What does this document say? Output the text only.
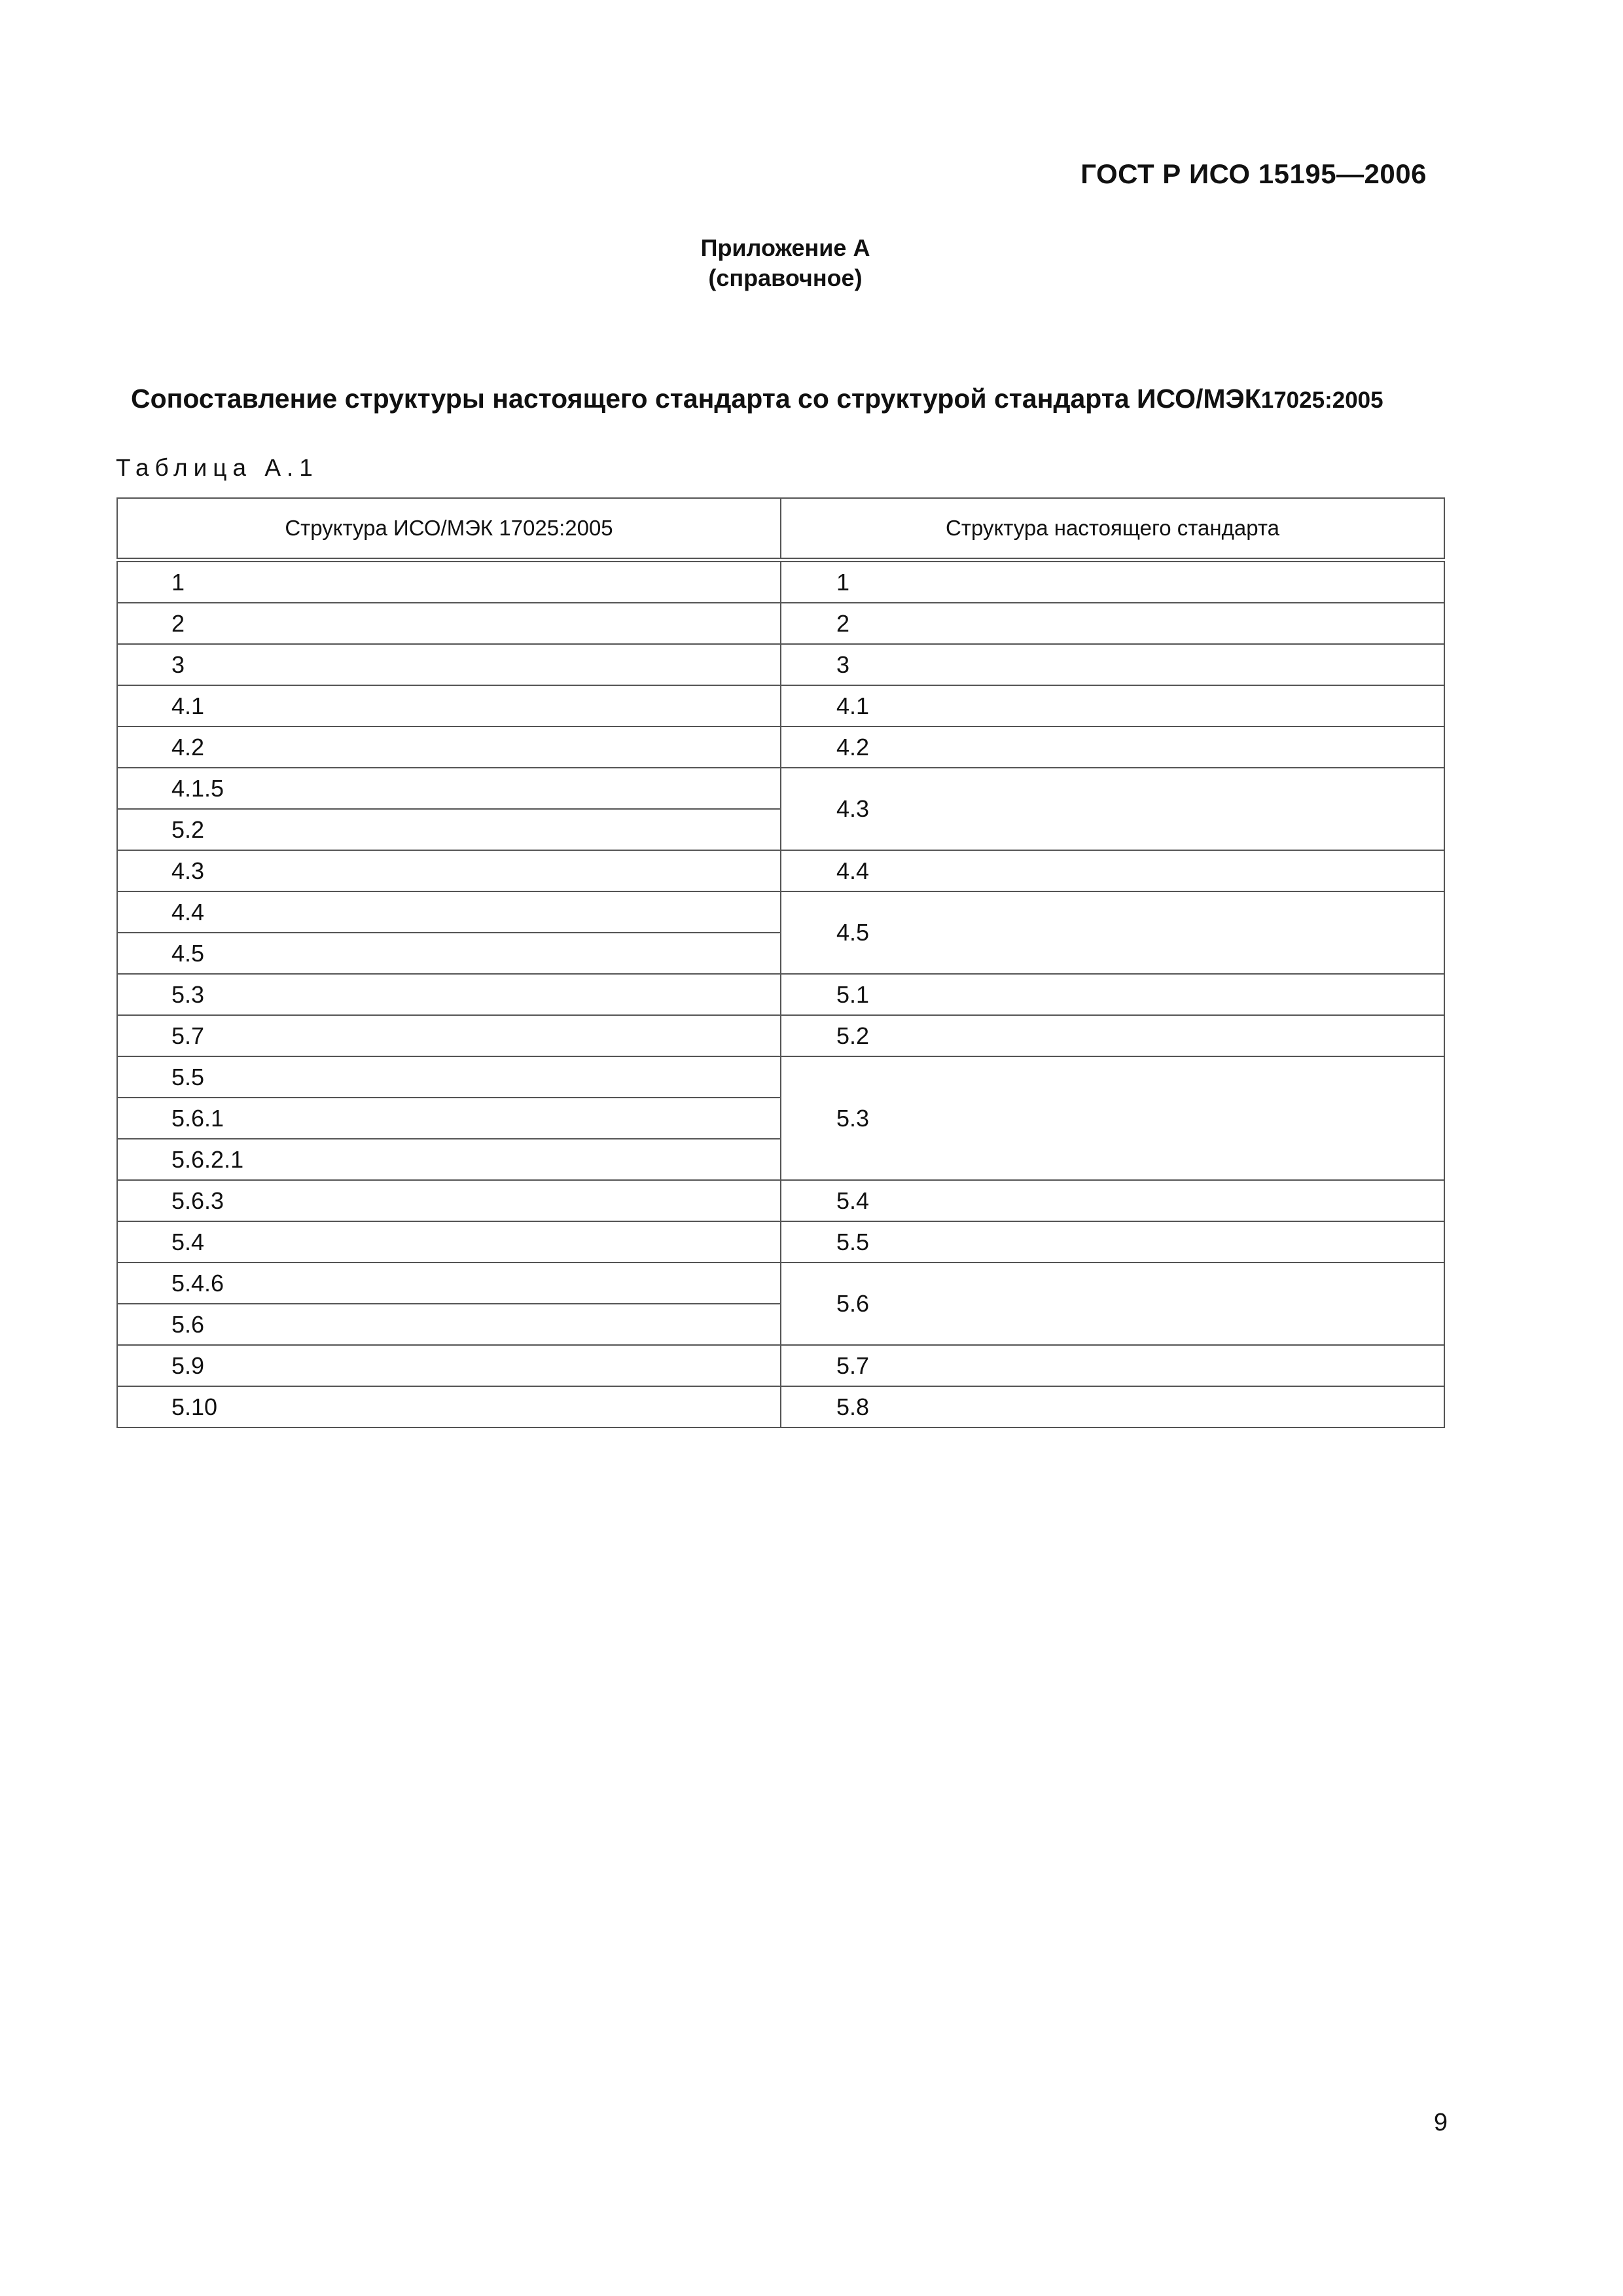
ГОСТ Р ИСО 15195—2006
Приложение А
(справочное)
Сопоставление структуры настоящего стандарта со структурой стандарта ИСО/МЭК17025:2005
Таблица А.1
Структура ИСО/МЭК 17025:2005	Структура настоящего стандарта

1	1

2	2

3	3

4.1	4.1

4.2	4.2

4.1.5	4.3

5.2	

4.3	4.4

4.4	4.5

4.5	

5.3	5.1

5.7	5.2

5.5	5.3

5.6.1	

5.6.2.1	

5.6.3	5.4

5.4	5.5

5.4.6	5.6

5.6	

5.9	5.7

5.10	5.8
9
